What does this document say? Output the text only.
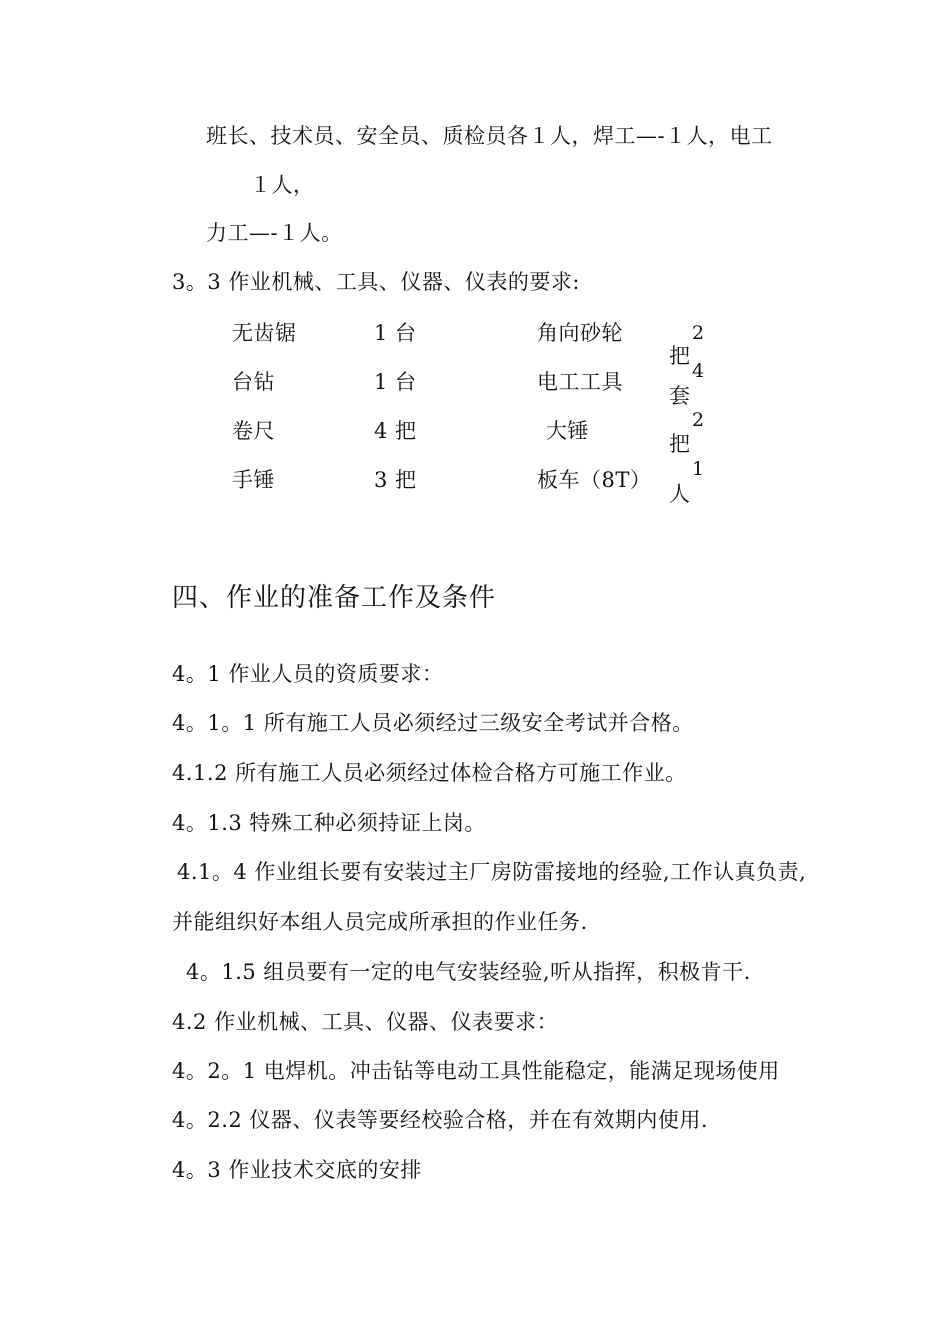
班长、技术员、安全员、质检员各１人，焊工—-１人，电工
１人，
力工—-１人。
3。3 作业机械、工具、仪器、仪表的要求:
无齿锯	1 台	角向砂轮	2
把
台钻	1 台	电工工具	4
套
卷尺	4 把	大锤	2
把
手锤	3 把	板车（8T） 1
人
四、作业的准备工作及条件
4。1 作业人员的资质要求：
4。1。1 所有施工人员必须经过三级安全考试并合格。
4.1.2 所有施工人员必须经过体检合格方可施工作业。
4。1.3 特殊工种必须持证上岗。
4.1。4 作业组长要有安装过主厂房防雷接地的经验,工作认真负责,
并能组织好本组人员完成所承担的作业任务.
4。1.5 组员要有一定的电气安装经验,听从指挥，积极肯干.
4.2 作业机械、工具、仪器、仪表要求：
4。2。1 电焊机。冲击钻等电动工具性能稳定，能满足现场使用
4。2.2 仪器、仪表等要经校验合格，并在有效期内使用.
4。3 作业技术交底的安排
